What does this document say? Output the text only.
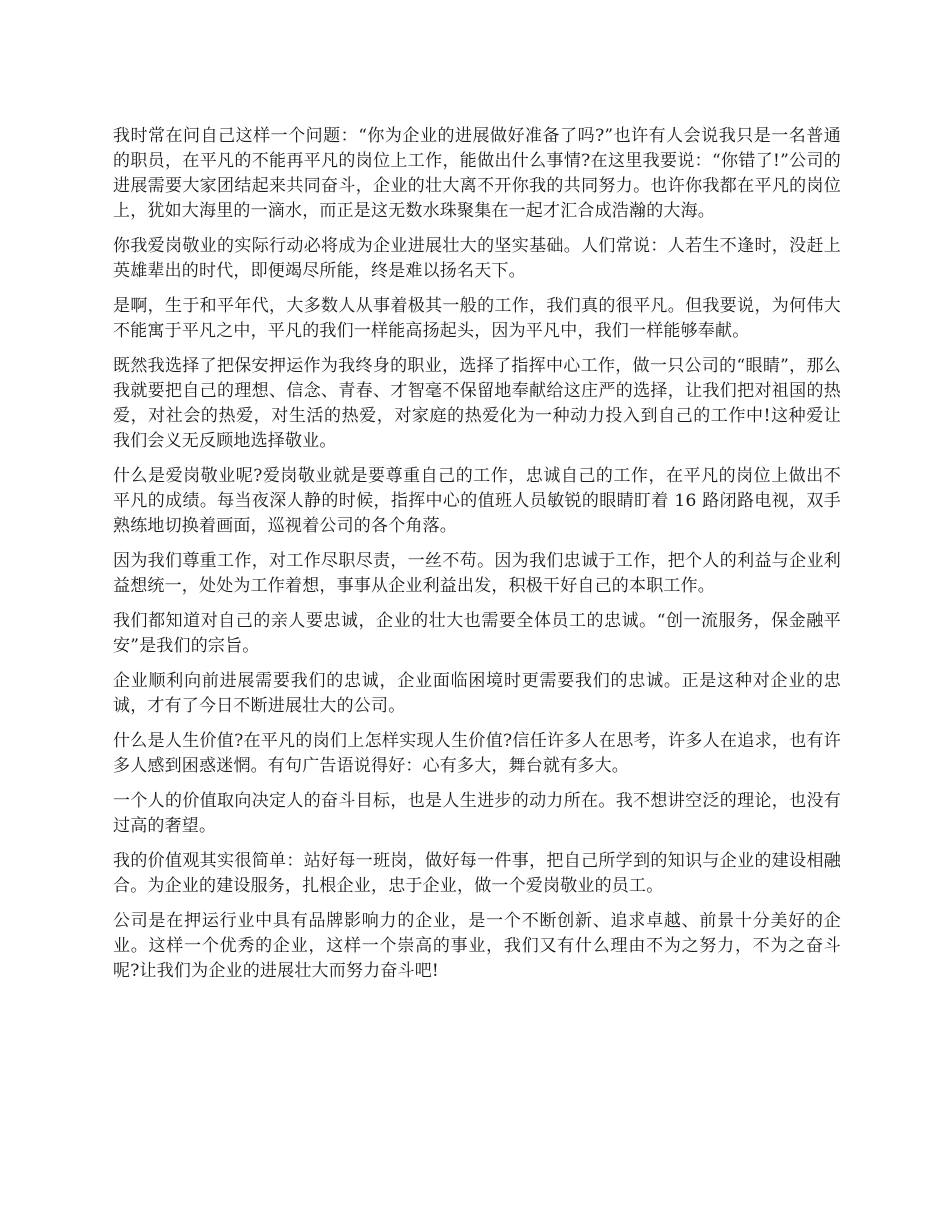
我时常在问自己这样一个问题：“你为企业的进展做好准备了吗?”也许有人会说我只是一名普通的职员，在平凡的不能再平凡的岗位上工作，能做出什么事情?在这里我要说：“你错了!”公司的进展需要大家团结起来共同奋斗，企业的壮大离不开你我的共同努力。也许你我都在平凡的岗位上，犹如大海里的一滴水，而正是这无数水珠聚集在一起才汇合成浩瀚的大海。

你我爱岗敬业的实际行动必将成为企业进展壮大的坚实基础。人们常说：人若生不逢时，没赶上英雄辈出的时代，即便竭尽所能，终是难以扬名天下。

是啊，生于和平年代，大多数人从事着极其一般的工作，我们真的很平凡。但我要说，为何伟大不能寓于平凡之中，平凡的我们一样能高扬起头，因为平凡中，我们一样能够奉献。

既然我选择了把保安押运作为我终身的职业，选择了指挥中心工作，做一只公司的“眼睛”，那么我就要把自己的理想、信念、青春、才智毫不保留地奉献给这庄严的选择，让我们把对祖国的热爱，对社会的热爱，对生活的热爱，对家庭的热爱化为一种动力投入到自己的工作中!这种爱让我们会义无反顾地选择敬业。

什么是爱岗敬业呢?爱岗敬业就是要尊重自己的工作，忠诚自己的工作，在平凡的岗位上做出不平凡的成绩。每当夜深人静的时候，指挥中心的值班人员敏锐的眼睛盯着 16 路闭路电视，双手熟练地切换着画面，巡视着公司的各个角落。

因为我们尊重工作，对工作尽职尽责，一丝不苟。因为我们忠诚于工作，把个人的利益与企业利益想统一，处处为工作着想，事事从企业利益出发，积极干好自己的本职工作。

我们都知道对自己的亲人要忠诚，企业的壮大也需要全体员工的忠诚。“创一流服务，保金融平安”是我们的宗旨。

企业顺利向前进展需要我们的忠诚，企业面临困境时更需要我们的忠诚。正是这种对企业的忠诚，才有了今日不断进展壮大的公司。

什么是人生价值?在平凡的岗们上怎样实现人生价值?信任许多人在思考，许多人在追求，也有许多人感到困惑迷惘。有句广告语说得好：心有多大，舞台就有多大。

一个人的价值取向决定人的奋斗目标，也是人生进步的动力所在。我不想讲空泛的理论，也没有过高的奢望。

我的价值观其实很简单：站好每一班岗，做好每一件事，把自己所学到的知识与企业的建设相融合。为企业的建设服务，扎根企业，忠于企业，做一个爱岗敬业的员工。

公司是在押运行业中具有品牌影响力的企业，是一个不断创新、追求卓越、前景十分美好的企业。这样一个优秀的企业，这样一个崇高的事业，我们又有什么理由不为之努力，不为之奋斗呢?让我们为企业的进展壮大而努力奋斗吧!
